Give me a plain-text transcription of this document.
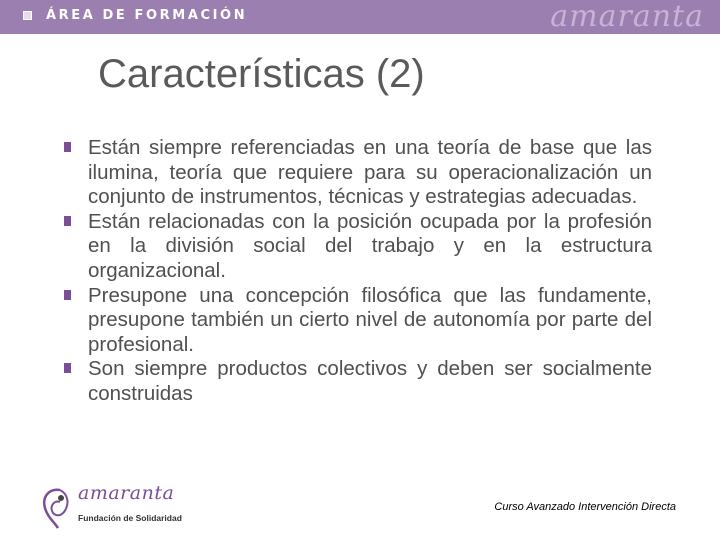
ÁREA DE FORMACIÓN	amaranta
Características (2)
Están siempre referenciadas en una teoría de base que las ilumina, teoría que requiere para su operacionalización un conjunto de instrumentos, técnicas y estrategias adecuadas.
Están relacionadas con la posición ocupada por la profesión en la división social del trabajo y en la estructura organizacional.
Presupone una concepción filosófica que las fundamente, presupone también un cierto nivel de autonomía por parte del profesional.
Son siempre productos colectivos y deben ser socialmente construidas
amaranta
Fundación de Solidaridad
Curso Avanzado Intervención Directa
